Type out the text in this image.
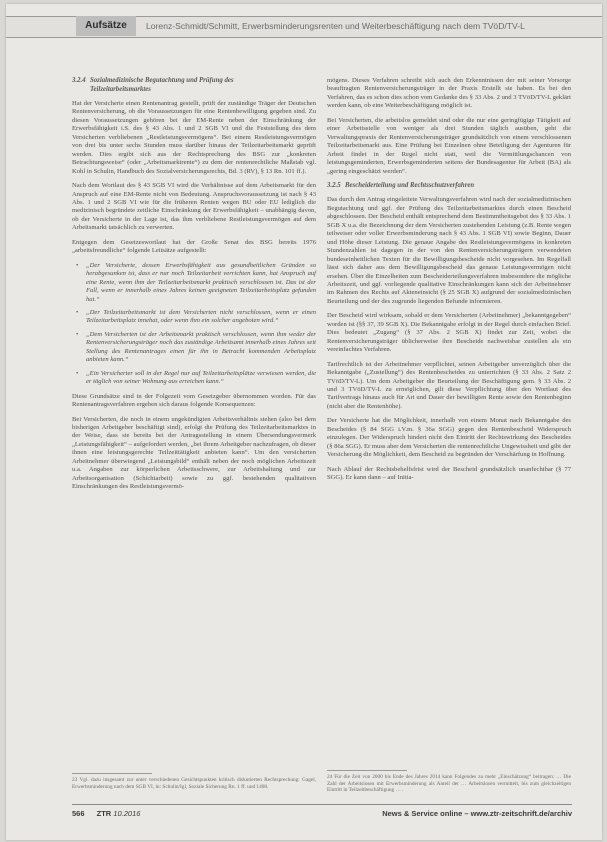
Aufsätze	Lorenz-Schmidt/Schmitt, Erwerbsminderungsrenten und Weiterbeschäftigung nach dem TVöD/TV-L
3.2.4 Sozialmedizinische Begutachtung und Prüfung des
Teilzeitarbeitsmarktes

Hat der Versicherte einen Rentenantrag gestellt, prüft der zuständige Träger der Deutschen Rentenversicherung, ob die Voraussetzungen für eine Rentenbewilligung gegeben sind. Zu diesen Voraussetzungen gehören bei der EM-Rente neben der Einschränkung der Erwerbsfähigkeit i.S. des § 43 Abs. 1 und 2 SGB VI und die Feststellung des dem Versicherten verbliebenen „Restleistungsvermögens“. Bei einem Restleistungsvermögen von drei bis unter sechs Stunden muss darüber hinaus der Teilzeitarbeitsmarkt geprüft werden. Dies ergibt sich aus der Rechtsprechung des BSG zur „konkreten Betrachtungsweise“ (oder „Arbeitsmarktrente“) zu dem der rentenrechtliche Maßstab vgl. Kohl in Schulin, Handbuch des Sozialversicherungsrechts, Bd. 3 (RV), § 13 Rn. 101 ff.).

Nach dem Wortlaut des § 43 SGB VI wird die Verhältnisse auf dem Arbeitsmarkt für den Anspruch auf eine EM-Rente nicht von Bedeutung. Anspruchsvoraussetzung ist nach § 43 Abs. 1 und 2 SGB VI wie für die früheren Renten wegen BU oder EU lediglich die medizinisch begründete zeitliche Einschränkung der Erwerbsfähigkeit – unabhängig davon, ob der Versicherte in der Lage ist, das ihm verbliebene Restleistungsvermögen auf dem Arbeitsmarkt tatsächlich zu verwerten.

Entgegen dem Gesetzeswortlaut hat der Große Senat des BSG bereits 1976 „arbeitsfreundliche“ folgende Leitsätze aufgestellt:

• „Der Versicherte, dessen Erwerbsfähigkeit aus gesundheitlichen Gründen so herabgesunken ist, dass er nur noch Teilzeitarbeit verrichten kann, hat Anspruch auf eine Rente, wenn ihm der Teilzeitarbeitsmarkt praktisch verschlossen ist. Das ist der Fall, wenn er innerhalb eines Jahres keinen geeigneten Teilzeitarbeitsplatz gefunden hat.“
• „Der Teilzeitarbeitsmarkt ist dem Versicherten nicht verschlossen, wenn er einen Teilzeitarbeitsplatz innehat, oder wenn ihm ein solcher angeboten wird.“
• „Dem Versicherten ist der Arbeitsmarkt praktisch verschlossen, wenn ihm weder der Rentenversicherungsträger noch das zuständige Arbeitsamt innerhalb eines Jahres seit Stellung des Rentenantrages einen für ihn in Betracht kommenden Arbeitsplatz anbieten kann.“
• „Ein Versicherter soll in der Regel nur auf Teilzeitarbeitsplätze verwiesen werden, die er täglich von seiner Wohnung aus erreichen kann.“

Diese Grundsätze sind in der Folgezeit vom Gesetzgeber übernommen worden. Für das Rentenantragsverfahren ergeben sich daraus folgende Konsequenzen:

Bei Versicherten, die noch in einem ungekündigten Arbeitsverhältnis stehen (also bei dem bisherigen Arbeitgeber beschäftigt sind), erfolgt die Prüfung des Teilzeitarbeitsmarktes in der Weise, dass sie bereits bei der Antragsstellung in einem Übersendungsvermerk „Leistungsfähigkeit“ – aufgefordert werden, „bei ihrem Arbeitgeber nachzufragen, ob dieser ihnen eine leistungsgerechte Teilzeittätigkeit anbieten kann“. Um den versicherten Arbeitnehmer überwiegend „Leistungsbild“ enthält neben der noch möglichen Arbeitszeit u.a. Angaben zur körperlichen Arbeitsschwere, zur Arbeitshaltung und zur Arbeitsorganisation (Schichtarbeit) sowie zu ggf. bestehenden qualitativen Einschränkungen des Restleistungsvermö-

23 Vgl. dazu insgesamt zur unter verschiedenen Gesichtspunkten kritisch diskutierten Rechtsprechung: Gagel, Erwerbsminderung nach dem SGB VI, in: Schulin/Igl, Soziale Sicherung Rn. 1 ff. und 1408.

mögens. Dieses Verfahren schreibt sich auch den Erkenntnissen der mit seiner Vorsorge beauftragten Rentenversicherungsträger in der Praxis Erstellt sie haben. Es bei den Verfahren, das es schon dies schon vom Gedanke des § 33 Abs. 2 und 3 TVöD/TV-L geklärt werden kann, ob eine Weiterbeschäftigung möglich ist.

Bei Versicherten, die arbeitslos gemeldet sind oder die nur eine geringfügige Tätigkeit auf einer Arbeitsstelle von weniger als drei Stunden täglich ausüben, geht die Verwaltungspraxis der Rentenversicherungsträger grundsätzlich von einem verschlossenen Teilzeitarbeitsmarkt aus. Eine Prüfung bei Einzelnen ohne Beteiligung der Agenturen für Arbeit findet in der Regel nicht statt, weil die Vermittlungschancen von leistungsgeminderten, Erwerbsgeminderten seitens der Bundesagentur für Arbeit (BA) als „gering eingeschätzt werden“.

3.2.5 Bescheiderteilung und Rechtsschutzverfahren

Das durch den Antrag eingeleitete Verwaltungsverfahren wird nach der sozialmedizinischen Begutachtung und ggf. der Prüfung des Teilzeitarbeitsmarktes durch einen Bescheid abgeschlossen. Der Bescheid enthält entsprechend dem Bestimmtheitsgebot des § 33 Abs. 1 SGB X u.a. die Bezeichnung der dem Versicherten zustehenden Leistung (z.B. Rente wegen teilweiser oder voller Erwerbsminderung nach § 43 Abs. 1 SGB VI) sowie Beginn, Dauer und Höhe dieser Leistung. Die genaue Angabe des Restleistungsvermögens in konkreten Stundenzahlen ist dagegen in der von den Rentenversicherungsträgern verwendeten bundeseinheitlichen Texten für die Bewilligungsbescheide nicht vorgesehen. Im Regelfall lässt sich daher aus dem Bewilligungsbescheid das genaue Leistungsvermögen nicht ersehen. Über die Einzelheiten zum Bescheiderteilungsverfahren insbesondere die mögliche Arbeitszeit, und ggf. vorliegende qualitative Einschränkungen kann sich der Arbeitnehmer im Rahmen des Rechts auf Akteneinsicht (§ 25 SGB X) aufgrund der sozialmedizinischen Beurteilung und der des zugrunde liegenden Befunde informieren.

Der Bescheid wird wirksam, sobald er dem Versicherten (Arbeitnehmer) „bekanntgegeben“ worden ist (§§ 37, 39 SGB X). Die Bekanntgabe erfolgt in der Regel durch einfachen Brief. Dies bedeutet „Zugang“ (§ 37 Abs. 2 SGB X) findet zur Zeit, wobei die Rentenversicherungsträger üblicherweise ihre Bescheide nachweisbar zustellen als ein vereinfachtes Verfahren.

Tarifrechtlich ist der Arbeitnehmer verpflichtet, seinen Arbeitgeber unverzüglich über die Bekanntgabe („Zustellung“) des Rentenbescheides zu unterrichten (§ 33 Abs. 2 Satz 2 TVöD/TV-L). Um dem Arbeitgeber die Beurteilung der Beschäftigung gem. § 33 Abs. 2 und 3 TVöD/TV-L zu ermöglichen, gilt diese Verpflichtung über den Wortlaut des Tarifvertrags hinaus auch für Art und Dauer der bewilligten Rente sowie den Rentenbeginn (nicht aber die Rentenhöhe).

Der Versicherte hat die Möglichkeit, innerhalb von einem Monat nach Bekanntgabe des Bescheides (§ 84 SGG i.V.m. § 36a SGG) gegen den Rentenbescheid Widerspruch einzulegen. Der Widerspruch hindert nicht den Eintritt der Rechtswirkung des Bescheides (§ 86a SGG). Er muss aber dem Versicherten die rentenrechtliche Ungewissheit und gibt der Versicherung die Möglichkeit, dem Bescheid zu begründen der Verschärfung in Hoffnung.

Nach Ablauf der Rechtsbehelfsfrist wird der Bescheid grundsätzlich unanfechtbar (§ 77 SGG). Er kann dann – auf Initia-

24 Für die Zeit von 2000 bis Ende des Jahres 2014 kann Folgendes zu mehr „Einschätzung“ beitragen: … Die Zahl der Arbeitslosen mit Erwerbsminderung als Anteil der … Arbeitslosen vermittelt, bis zum gleichzeitigen Eintritt in Teilzeitbeschäftigung … .
566 ZTR 10.2016	News & Service online – www.ztr-zeitschrift.de/archiv
